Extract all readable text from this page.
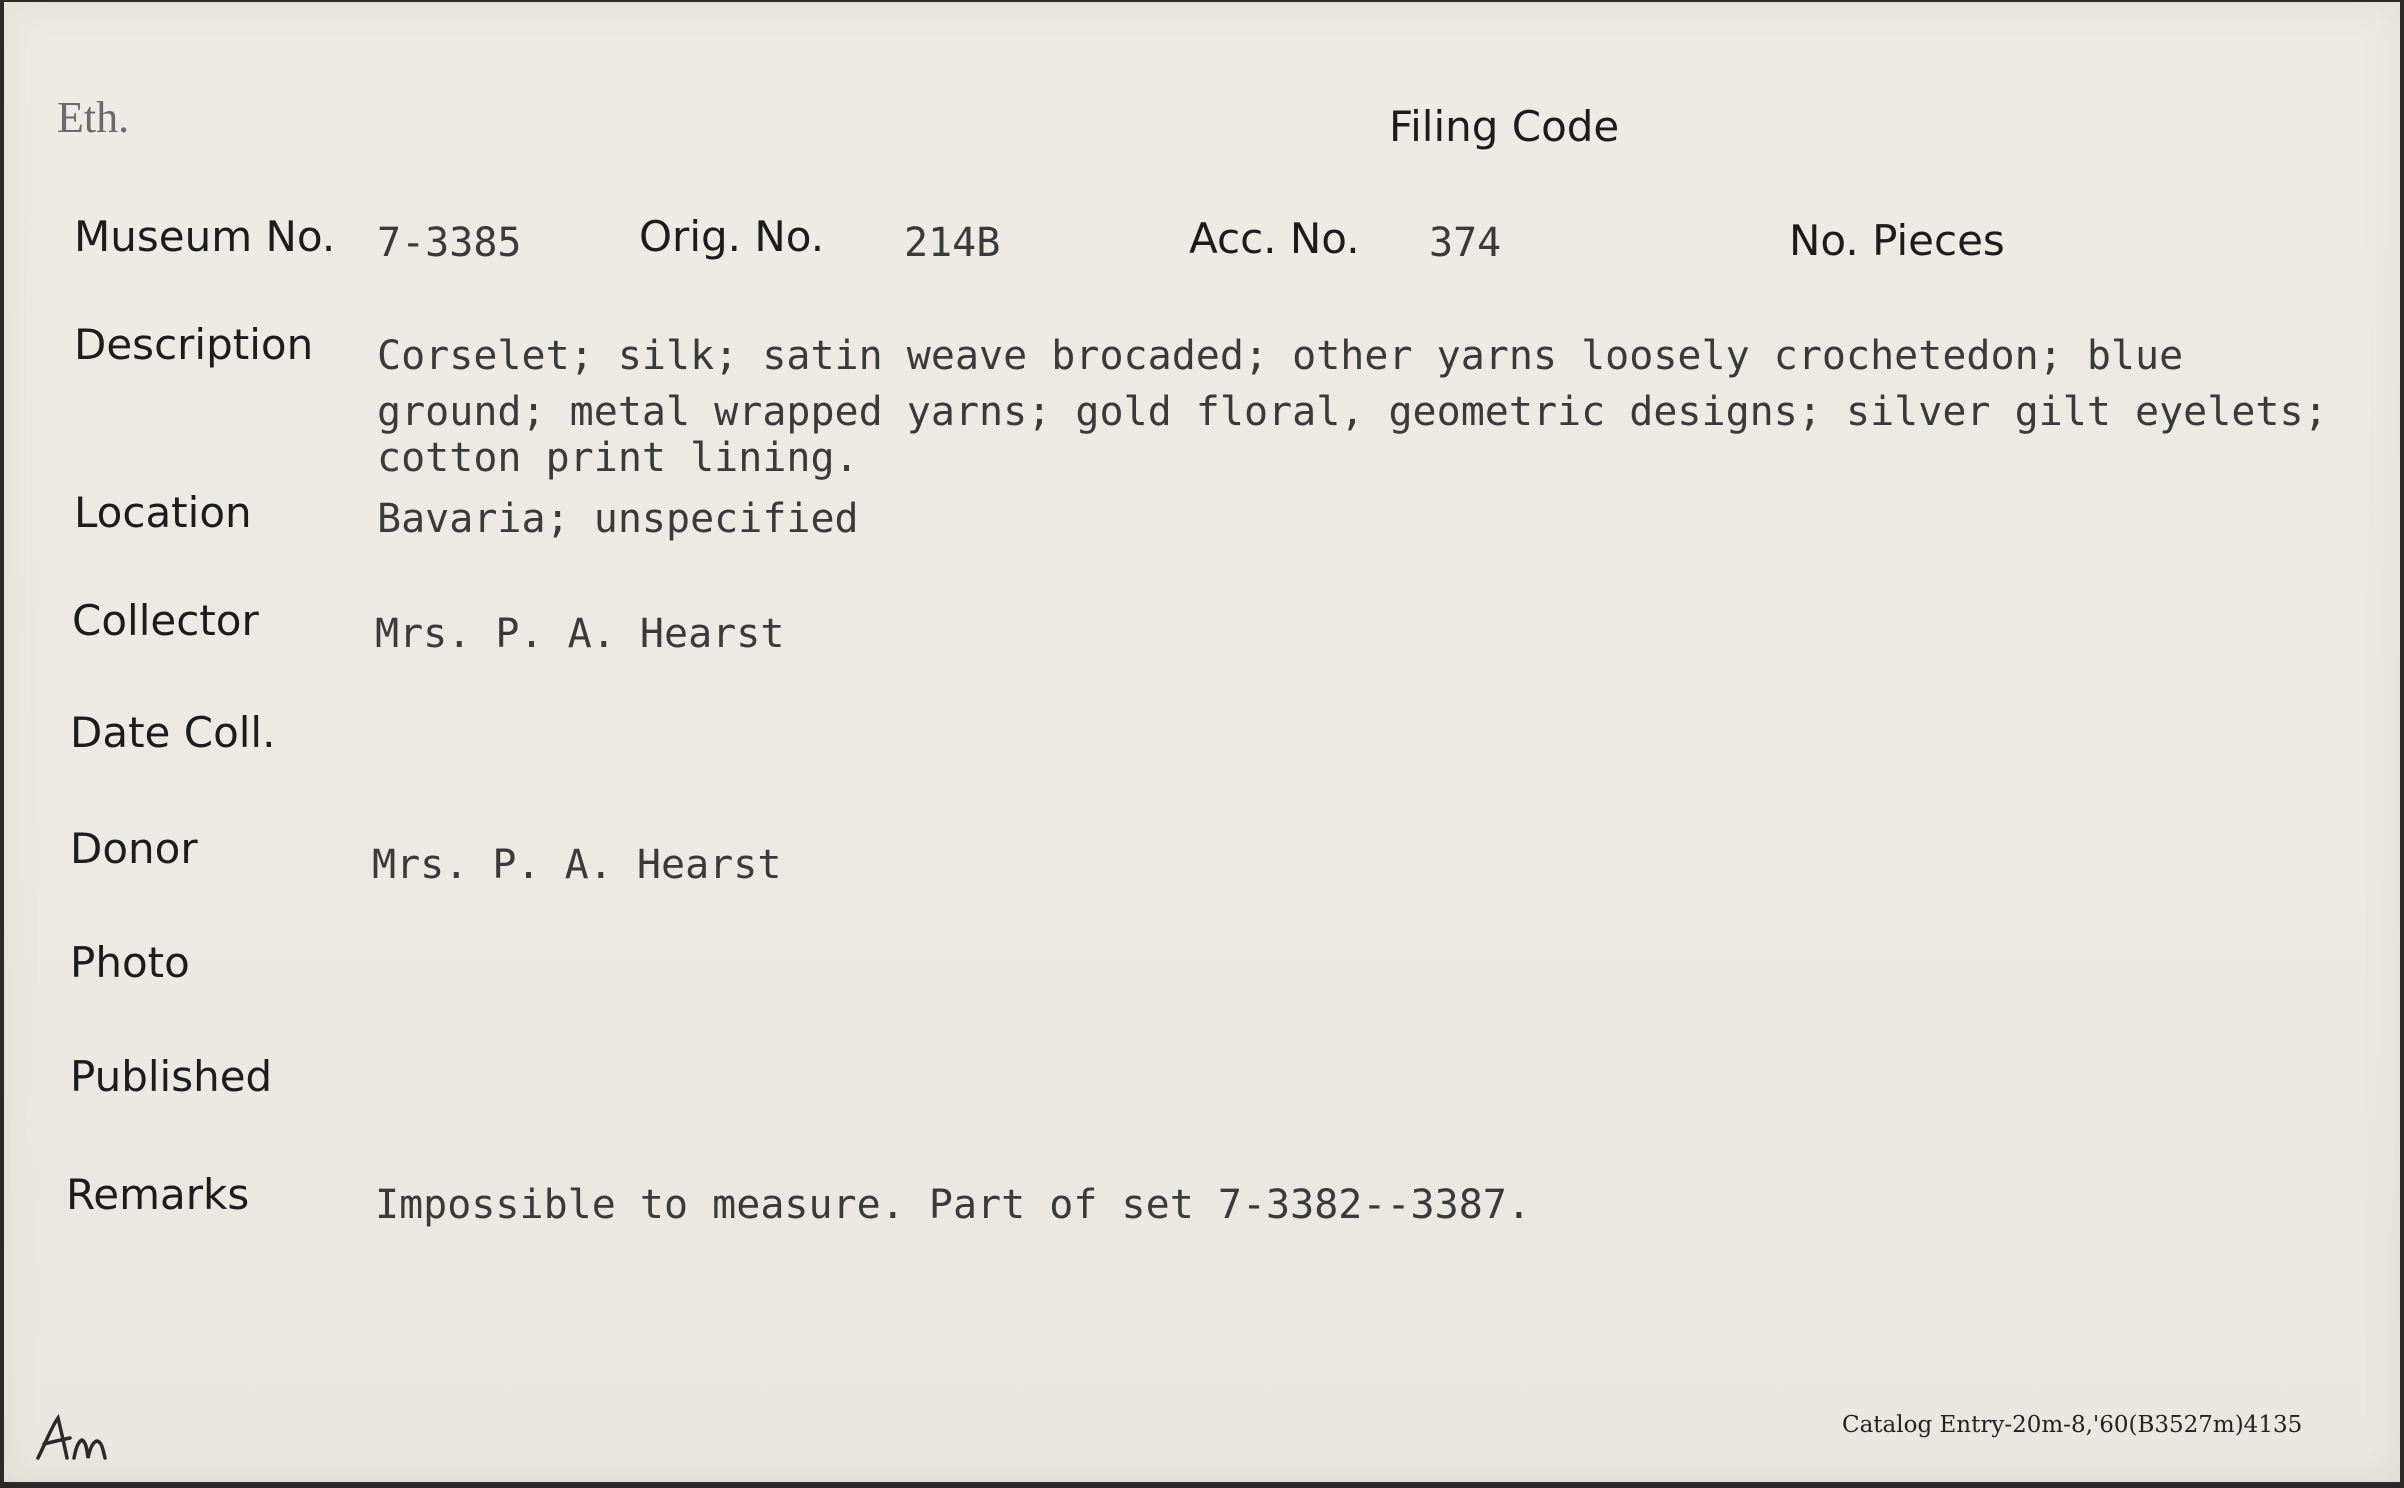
Eth.	Filing Code
Museum No. 7-3385	Orig. No. 214B	Acc. No. 374	No. Pieces
Description Corselet; silk; satin weave brocaded; other yarns loosely crochetedon; blue
ground; metal wrapped yarns; gold floral, geometric designs; silver gilt eyelets;
cotton print lining.
Location	Bavaria; unspecified
Collector	Mrs. P. A. Hearst
Date Coll.
Donor	Mrs. P. A. Hearst
Photo
Published
Remarks	Impossible to measure. Part of set 7-3382--3387.
Catalog Entry-20m-8,'60(B3527m)4135
